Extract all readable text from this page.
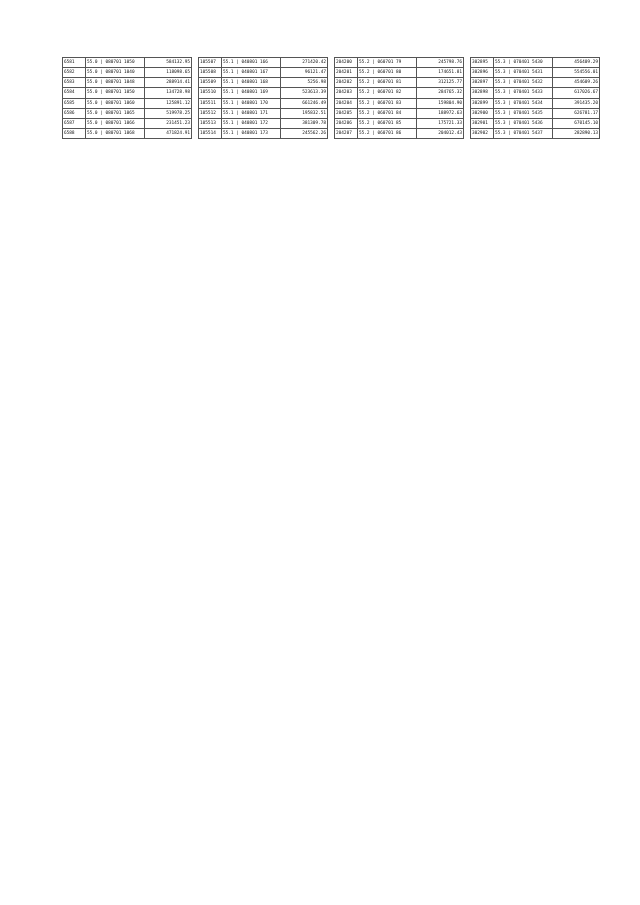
6581	55.0 | 080701 1050	584132.95
6582	55.0 | 080701 1040	118098.65
6583	55.0 | 080701 1048	288914.41
6584	55.0 | 080701 1050	134728.98
6585	55.0 | 080701 1060	125891.12
6586	55.0 | 080701 1065	519978.25
6587	55.0 | 080701 1066	231451.23
6588	55.0 | 080701 1068	471824.91
105507	55.1 | 040801 166	271420.42
105508	55.1 | 040801 167	96121.47
105509	55.1 | 040801 168	5256.98
105510	55.1 | 040801 169	523613.39
105511	55.1 | 040801 170	661246.49
105512	55.1 | 040801 171	195832.51
105513	55.1 | 040801 172	381309.78
105514	55.1 | 040801 173	245562.26
204200	55.2 | 060701 79	245798.76
204201	55.2 | 060701 80	174651.81
204202	55.2 | 060701 81	312125.77
204203	55.2 | 060701 82	284765.32
204204	55.2 | 060701 83	159804.90
204205	55.2 | 060701 84	188972.63
204206	55.2 | 060701 85	175721.33
204207	55.2 | 060701 86	204012.43
302895	55.3 | 070401 5430	456409.29
302896	55.3 | 070401 5431	554556.01
302897	55.3 | 070401 5432	454609.26
302898	55.3 | 070401 5433	617026.67
302899	55.3 | 070401 5434	391435.20
302900	55.3 | 070401 5435	626781.17
302901	55.3 | 070401 5436	670145.10
302902	55.3 | 070401 5437	282890.13
